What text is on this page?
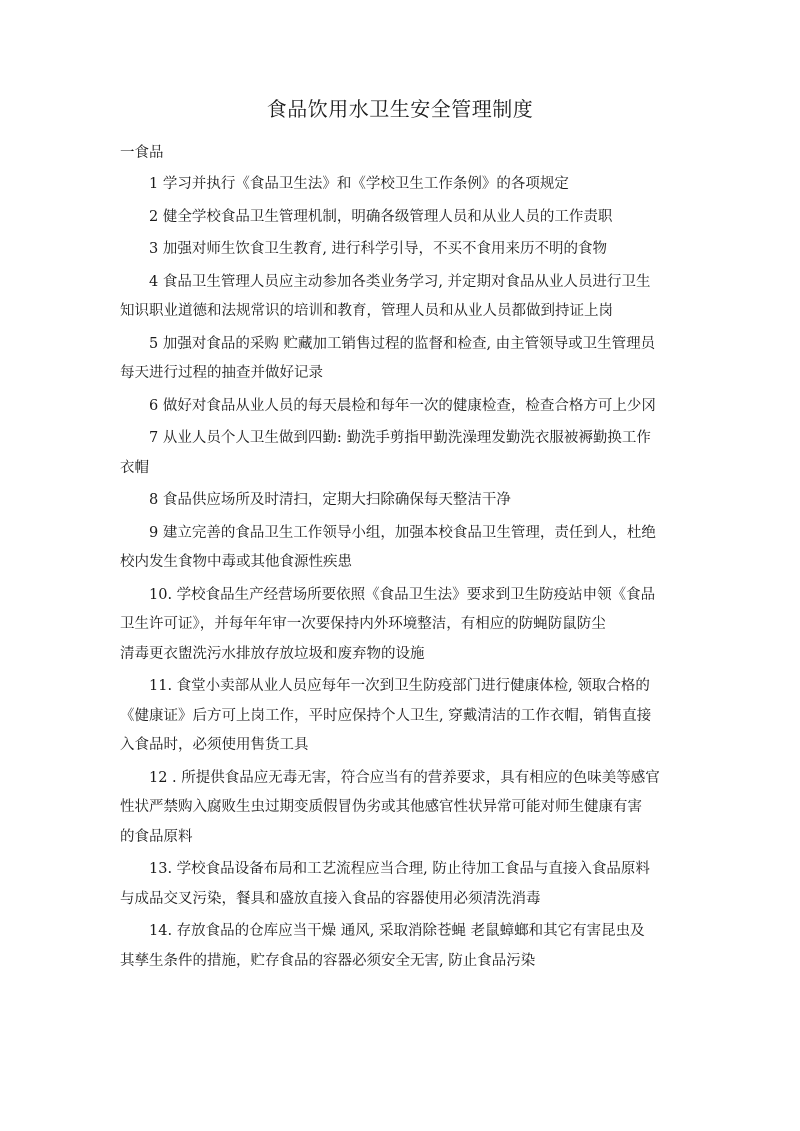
食品饮用水卫生安全管理制度
一食品
1 学习并执行《食品卫生法》和《学校卫生工作条例》的各项规定
2 健全学校食品卫生管理机制，明确各级管理人员和从业人员的工作责职
3 加强对师生饮食卫生教育, 进行科学引导，不买不食用来历不明的食物
4 食品卫生管理人员应主动参加各类业务学习, 并定期对食品从业人员进行卫生
知识职业道德和法规常识的培训和教育，管理人员和从业人员都做到持证上岗
5 加强对食品的采购 贮藏加工销售过程的监督和检查, 由主管领导或卫生管理员
每天进行过程的抽查并做好记录
6 做好对食品从业人员的每天晨检和每年一次的健康检查，检查合格方可上少冈
7 从业人员个人卫生做到四勤: 勤洗手剪指甲勤洗澡理发勤洗衣服被褥勤换工作
衣帽
8 食品供应场所及时清扫，定期大扫除确保每天整洁干净
9 建立完善的食品卫生工作领导小组，加强本校食品卫生管理，责任到人，杜绝
校内发生食物中毒或其他食源性疾患
10. 学校食品生产经营场所要依照《食品卫生法》要求到卫生防疫站申领《食品
卫生许可证》，并每年年审一次要保持内外环境整洁，有相应的防蝇防鼠防尘
清毒更衣盥洗污水排放存放垃圾和废弃物的设施
11. 食堂小卖部从业人员应每年一次到卫生防疫部门进行健康体检, 领取合格的
《健康证》后方可上岗工作，平时应保持个人卫生, 穿戴清洁的工作衣帽，销售直接
入食品时，必须使用售货工具
12 . 所提供食品应无毒无害，符合应当有的营养要求，具有相应的色味美等感官
性状严禁购入腐败生虫过期变质假冒伪劣或其他感官性状异常可能对师生健康有害
的食品原料
13. 学校食品设备布局和工艺流程应当合理, 防止待加工食品与直接入食品原料
与成品交叉污染，餐具和盛放直接入食品的容器使用必须清洗消毒
14. 存放食品的仓库应当干燥 通风, 采取消除苍蝇 老鼠蟑螂和其它有害昆虫及
其孳生条件的措施，贮存食品的容器必须安全无害, 防止食品污染
